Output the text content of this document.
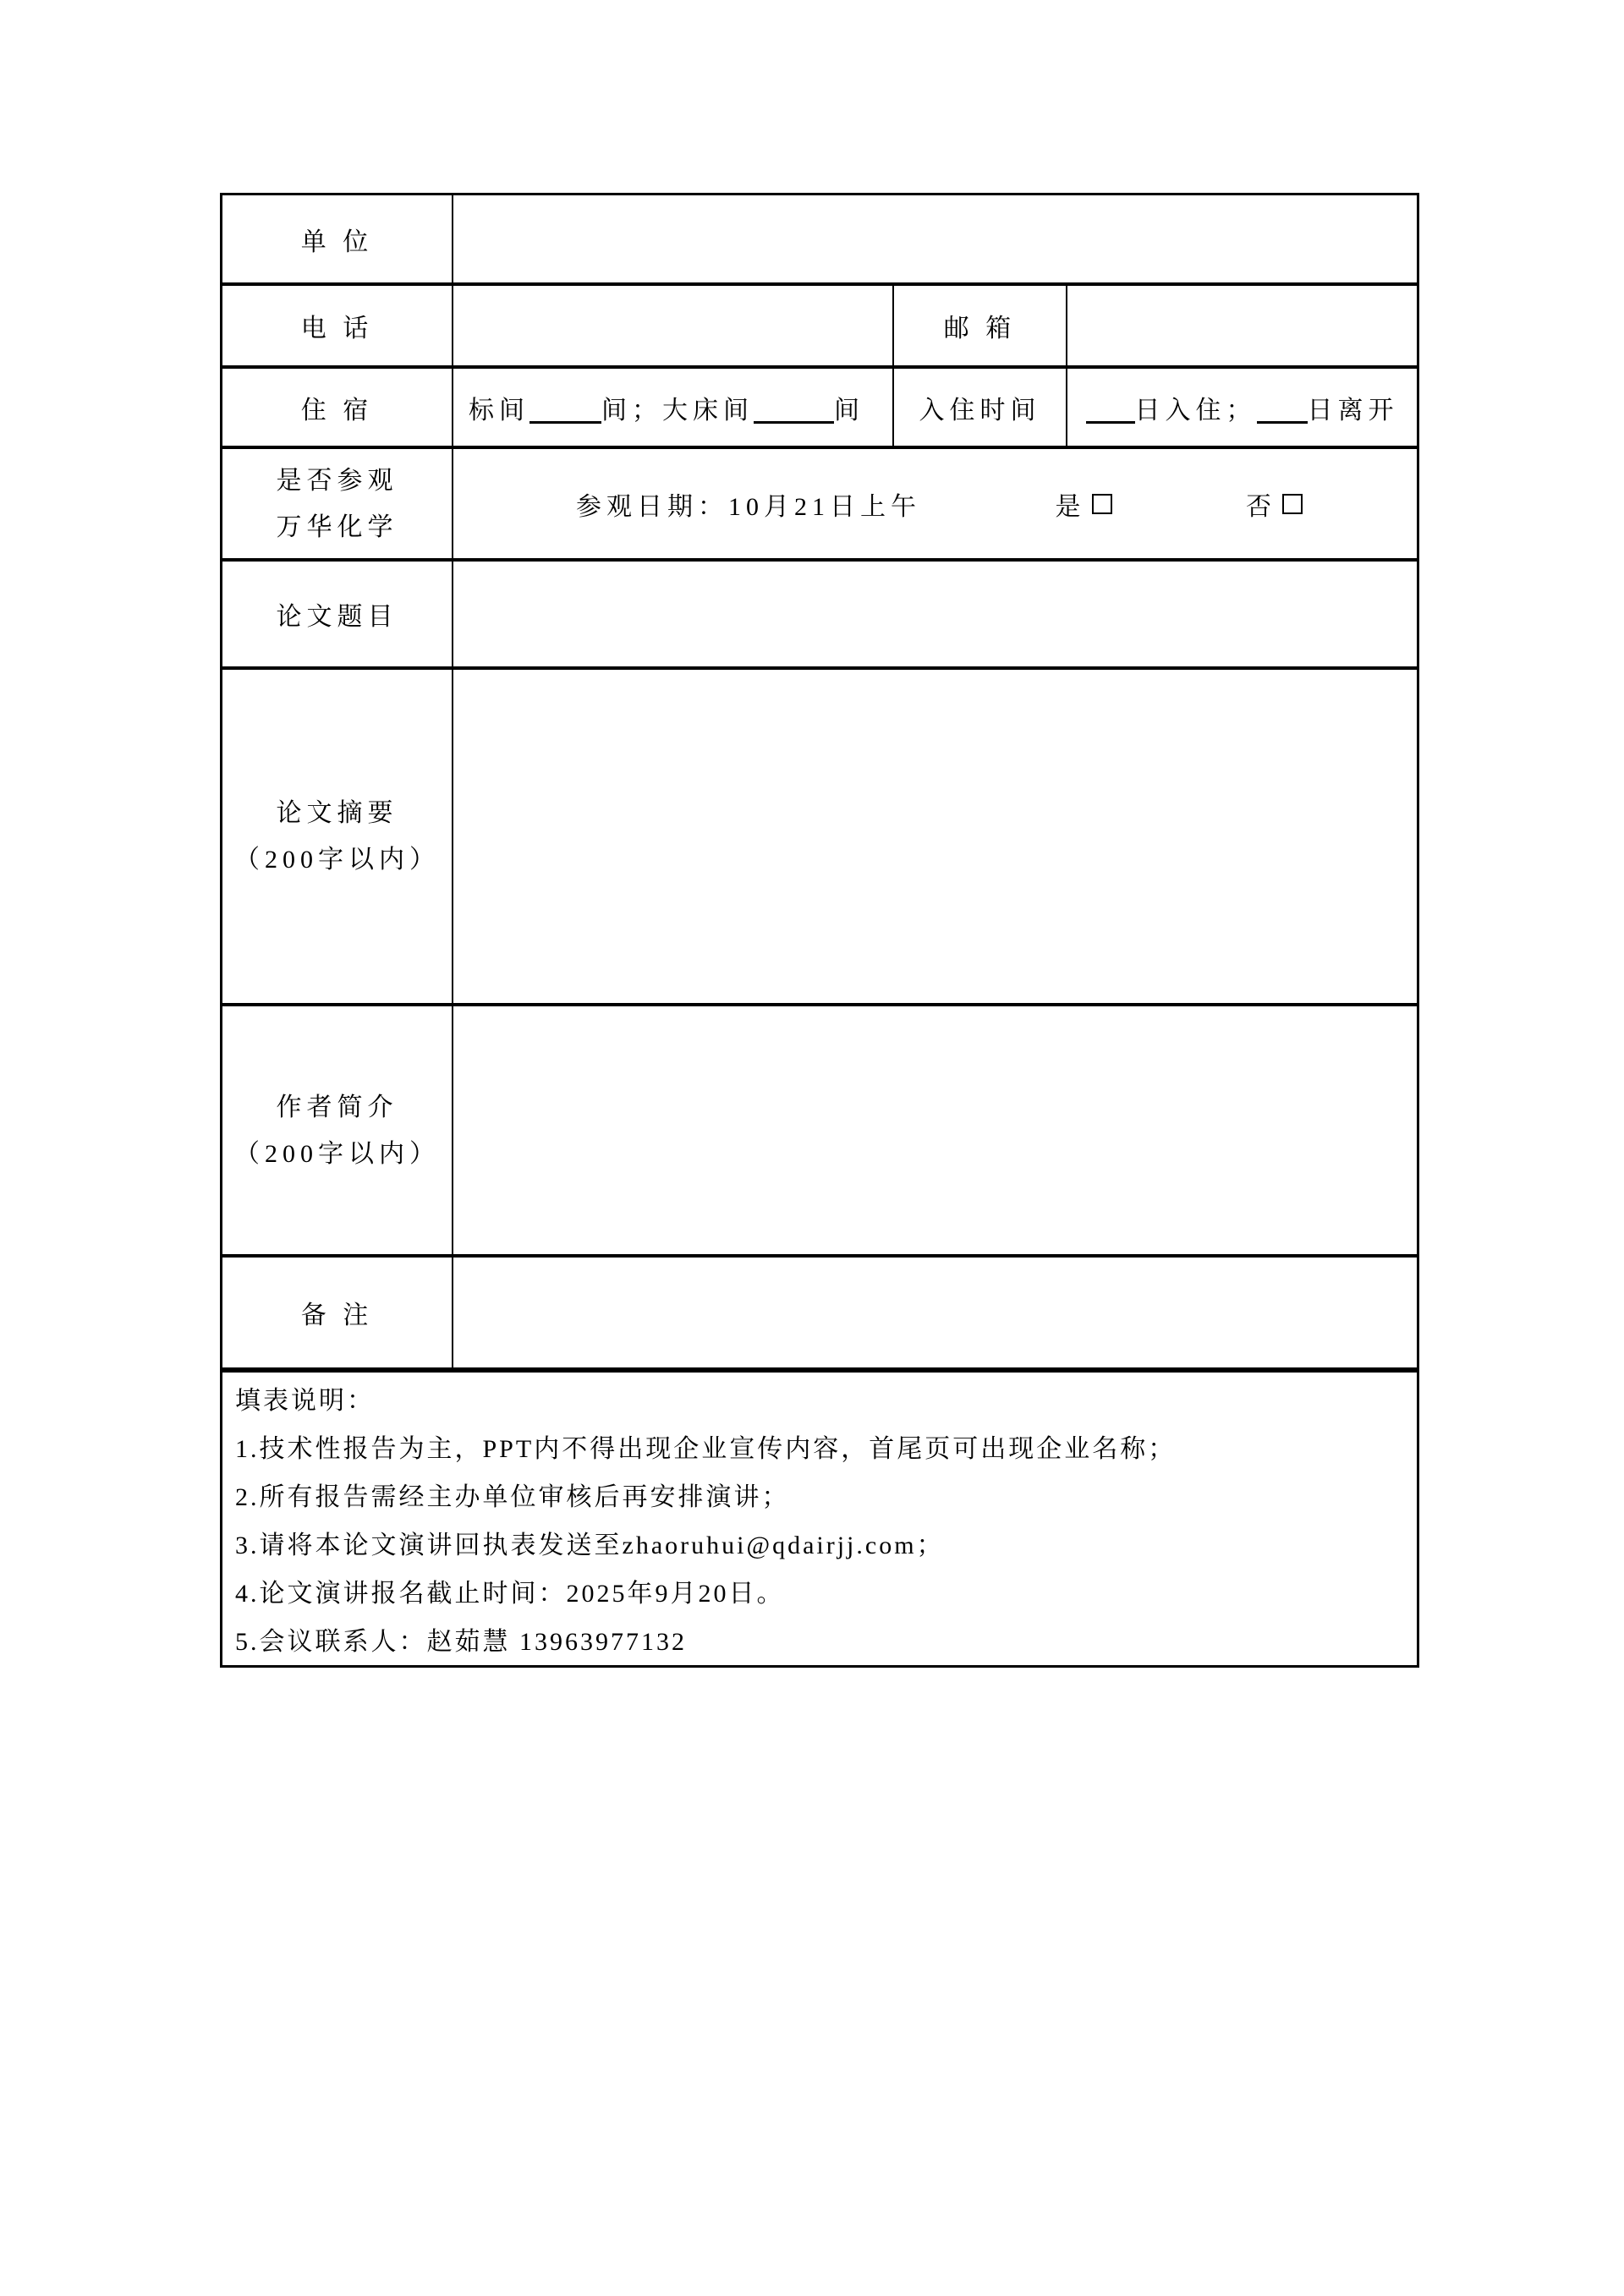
单 位
电 话	邮 箱
住 宿	标间	间；大床间	间	入住时间	日入住； 日离开
是否参观
万华化学
参观日期：10月21日上午	是	否
论文题目
论文摘要
（200字以内）
作者简介
（200字以内）
备 注
填表说明：
1.技术性报告为主，PPT内不得出现企业宣传内容，首尾页可出现企业名称；
2.所有报告需经主办单位审核后再安排演讲；
3.请将本论文演讲回执表发送至zhaoruhui@qdairjj.com；
4.论文演讲报名截止时间：2025年9月20日。
5.会议联系人：赵茹慧 13963977132
